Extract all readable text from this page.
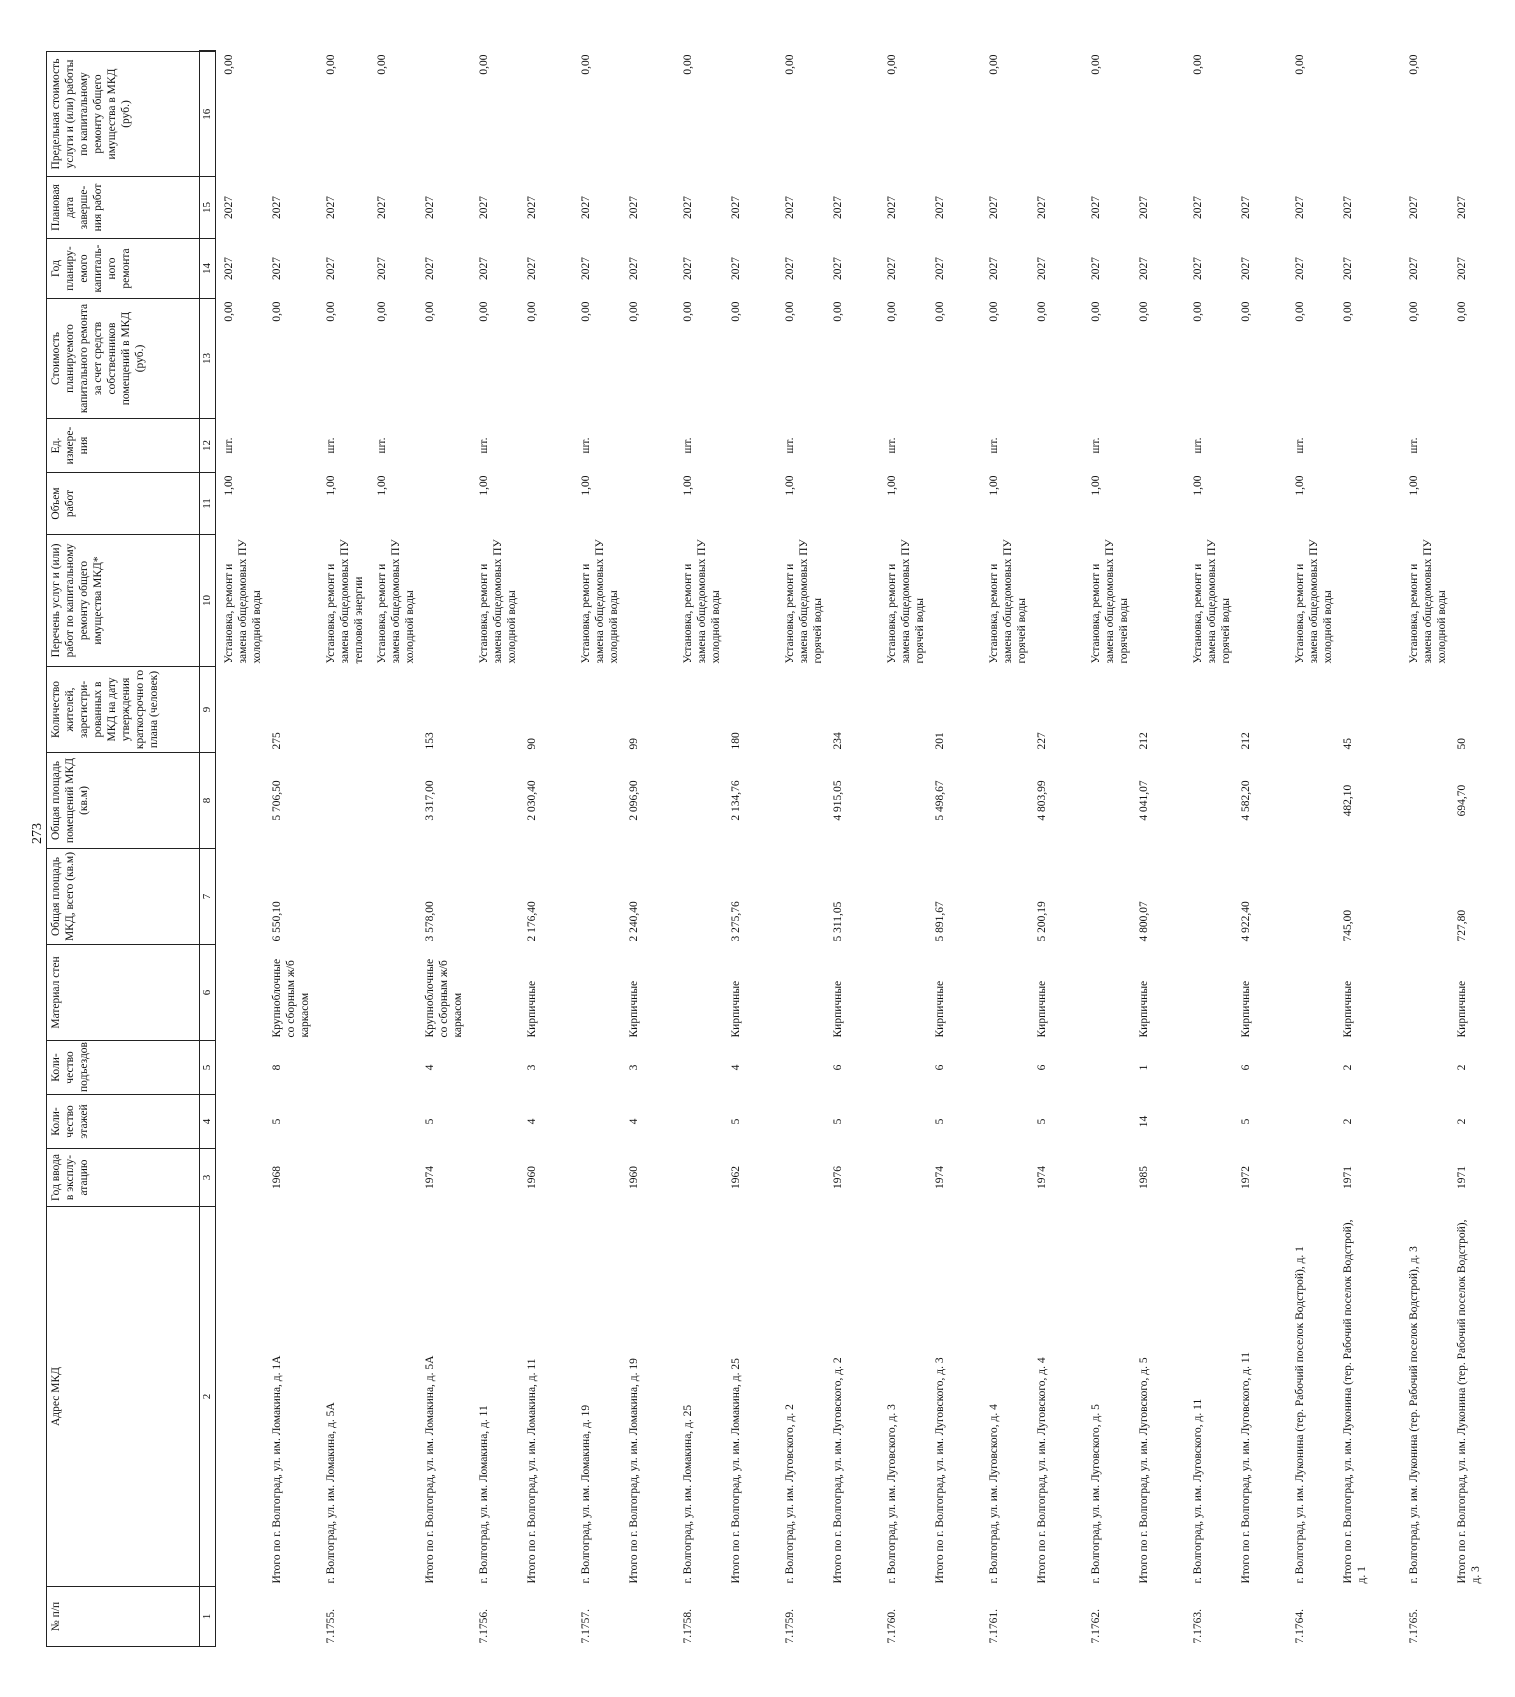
273
№ п/п	Адрес МКД	Год ввода в эксплу-атацию	Коли-чество этажей	Коли-чество подъездов	Материал стен	Общая площадь МКД, всего (кв.м)	Общая площадь помещений МКД (кв.м)	Количество жителей, зарегистри-рованных в МКД на дату утверждения краткосрочно го плана (человек)	Перечень услуг и (или) работ по капитальному ремонту общего имущества МКД*	Объем работ	Ед. измере-ния	Стоимость планируемого капитального ремонта за счет средств собственников помещений в МКД (руб.)	Год планиру-емого капиталь-ного ремонта	Плановая дата заверше-ния работ	Предельная стоимость услуги и (или) работы по капитальному ремонту общего имущества в МКД (руб.)
1	2	3	4	5	6	7	8	9	10	11	12	13	14	15	16
									Установка, ремонт и замена общедомовых ПУ холодной воды	1,00	шт.	0,00	2027	2027	0,00
	Итого по г. Волгоград, ул. им. Ломакина, д. 1А	1968	5	8	Крупноблочные со сборным ж/б каркасом	6 550,10	5 706,50	275				0,00	2027	2027	
7.1755.	г. Волгоград, ул. им. Ломакина, д. 5А								Установка, ремонт и замена общедомовых ПУ тепловой энергии	1,00	шт.	0,00	2027	2027	0,00
									Установка, ремонт и замена общедомовых ПУ холодной воды	1,00	шт.	0,00	2027	2027	0,00
	Итого по г. Волгоград, ул. им. Ломакина, д. 5А	1974	5	4	Крупноблочные со сборным ж/б каркасом	3 578,00	3 317,00	153				0,00	2027	2027	
7.1756.	г. Волгоград, ул. им. Ломакина, д. 11								Установка, ремонт и замена общедомовых ПУ холодной воды	1,00	шт.	0,00	2027	2027	0,00
	Итого по г. Волгоград, ул. им. Ломакина, д. 11	1960	4	3	Кирпичные	2 176,40	2 030,40	90				0,00	2027	2027	
7.1757.	г. Волгоград, ул. им. Ломакина, д. 19								Установка, ремонт и замена общедомовых ПУ холодной воды	1,00	шт.	0,00	2027	2027	0,00
	Итого по г. Волгоград, ул. им. Ломакина, д. 19	1960	4	3	Кирпичные	2 240,40	2 096,90	99				0,00	2027	2027	
7.1758.	г. Волгоград, ул. им. Ломакина, д. 25								Установка, ремонт и замена общедомовых ПУ холодной воды	1,00	шт.	0,00	2027	2027	0,00
	Итого по г. Волгоград, ул. им. Ломакина, д. 25	1962	5	4	Кирпичные	3 275,76	2 134,76	180				0,00	2027	2027	
7.1759.	г. Волгоград, ул. им. Луговского, д. 2								Установка, ремонт и замена общедомовых ПУ горячей воды	1,00	шт.	0,00	2027	2027	0,00
	Итого по г. Волгоград, ул. им. Луговского, д. 2	1976	5	6	Кирпичные	5 311,05	4 915,05	234				0,00	2027	2027	
7.1760.	г. Волгоград, ул. им. Луговского, д. 3								Установка, ремонт и замена общедомовых ПУ горячей воды	1,00	шт.	0,00	2027	2027	0,00
	Итого по г. Волгоград, ул. им. Луговского, д. 3	1974	5	6	Кирпичные	5 891,67	5 498,67	201				0,00	2027	2027	
7.1761.	г. Волгоград, ул. им. Луговского, д. 4								Установка, ремонт и замена общедомовых ПУ горячей воды	1,00	шт.	0,00	2027	2027	0,00
	Итого по г. Волгоград, ул. им. Луговского, д. 4	1974	5	6	Кирпичные	5 200,19	4 803,99	227				0,00	2027	2027	
7.1762.	г. Волгоград, ул. им. Луговского, д. 5								Установка, ремонт и замена общедомовых ПУ горячей воды	1,00	шт.	0,00	2027	2027	0,00
	Итого по г. Волгоград, ул. им. Луговского, д. 5	1985	14	1	Кирпичные	4 800,07	4 041,07	212				0,00	2027	2027	
7.1763.	г. Волгоград, ул. им. Луговского, д. 11								Установка, ремонт и замена общедомовых ПУ горячей воды	1,00	шт.	0,00	2027	2027	0,00
	Итого по г. Волгоград, ул. им. Луговского, д. 11	1972	5	6	Кирпичные	4 922,40	4 582,20	212				0,00	2027	2027	
7.1764.	г. Волгоград, ул. им. Луконина (тер. Рабочий поселок Водстрой), д. 1								Установка, ремонт и замена общедомовых ПУ холодной воды	1,00	шт.	0,00	2027	2027	0,00
	Итого по г. Волгоград, ул. им. Луконина (тер. Рабочий поселок Водстрой), д. 1	1971	2	2	Кирпичные	745,00	482,10	45				0,00	2027	2027	
7.1765.	г. Волгоград, ул. им. Луконина (тер. Рабочий поселок Водстрой), д. 3								Установка, ремонт и замена общедомовых ПУ холодной воды	1,00	шт.	0,00	2027	2027	0,00
	Итого по г. Волгоград, ул. им. Луконина (тер. Рабочий поселок Водстрой), д. 3	1971	2	2	Кирпичные	727,80	694,70	50				0,00	2027	2027	
